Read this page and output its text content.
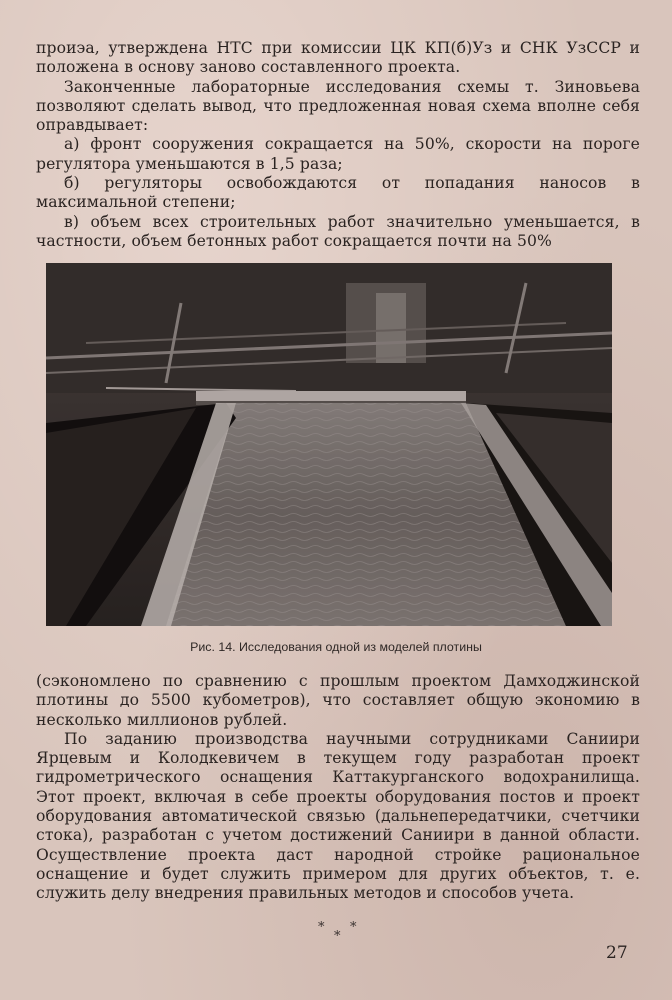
проиэа, утверждена НТС при комиссии ЦК КП(б)Уз и СНК УзССР и положена в основу заново составленного проекта.

Законченные лабораторные исследования схемы т. Зиновьева позволяют сделать вывод, что предложенная новая схема вполне себя оправдывает:

а) фронт сооружения сокращается на 50%, скорости на пороге регулятора уменьшаются в 1,5 раза;

б) регуляторы освобождаются от попадания наносов в максимальной степени;

в) объем всех строительных работ значительно уменьшается, в частности, объем бетонных работ сокращается почти на 50%

Рис. 14. Исследования одной из моделей плотины

(сэкономлено по сравнению с прошлым проектом Дамходжинской плотины до 5500 кубометров), что составляет общую экономию в несколько миллионов рублей.

По заданию производства научными сотрудниками Саниири Ярцевым и Колодкевичем в текущем году разработан проект гидрометрического оснащения Каттакурганского водохранилища. Этот проект, включая в себе проекты оборудования постов и проект оборудования автоматической связью (дальнепередатчики, счетчики стока), разработан с учетом достижений Саниири в данной области. Осуществление проекта даст народной стройке рациональное оснащение и будет служить примером для других объектов, т. е. служить делу внедрения правильных методов и способов учета.

*
*
*
27
